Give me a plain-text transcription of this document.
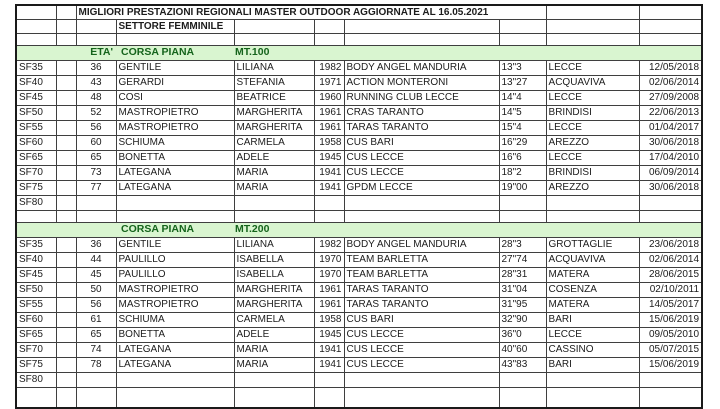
		MIGLIORI PRESTAZIONI REGIONALI MASTER OUTDOOR AGGIORNATE AL 16.05.2021							
			SETTORE FEMMINILE						

ETA' CORSA PIANA MT.100									

SF35		36	GENTILE	LILIANA	1982	BODY ANGEL MANDURIA	13"3	LECCE	12/05/2018
SF40		43	GERARDI	STEFANIA	1971	ACTION MONTERONI	13"27	ACQUAVIVA	02/06/2014
SF45		48	COSI	BEATRICE	1960	RUNNING CLUB LECCE	14"4	LECCE	27/09/2008
SF50		52	MASTROPIETRO	MARGHERITA	1961	CRAS TARANTO	14"5	BRINDISI	22/06/2013
SF55		56	MASTROPIETRO	MARGHERITA	1961	TARAS TARANTO	15"4	LECCE	01/04/2017
SF60		60	SCHIUMA	CARMELA	1958	CUS BARI	16"29	AREZZO	30/06/2018
SF65		65	BONETTA	ADELE	1945	CUS LECCE	16"6	LECCE	17/04/2010
SF70		73	LATEGANA	MARIA	1941	CUS LECCE	18"2	BRINDISI	06/09/2014
SF75		77	LATEGANA	MARIA	1941	GPDM LECCE	19"00	AREZZO	30/06/2018
SF80									

CORSA PIANA MT.200									

SF35		36	GENTILE	LILIANA	1982	BODY ANGEL MANDURIA	28"3	GROTTAGLIE	23/06/2018
SF40		44	PAULILLO	ISABELLA	1970	TEAM BARLETTA	27"74	ACQUAVIVA	02/06/2014
SF45		45	PAULILLO	ISABELLA	1970	TEAM BARLETTA	28"31	MATERA	28/06/2015
SF50		50	MASTROPIETRO	MARGHERITA	1961	TARAS TARANTO	31"04	COSENZA	02/10/2011
SF55		56	MASTROPIETRO	MARGHERITA	1961	TARAS TARANTO	31"95	MATERA	14/05/2017
SF60		61	SCHIUMA	CARMELA	1958	CUS BARI	32"90	BARI	15/06/2019
SF65		65	BONETTA	ADELE	1945	CUS LECCE	36"0	LECCE	09/05/2010
SF70		74	LATEGANA	MARIA	1941	CUS LECCE	40"60	CASSINO	05/07/2015
SF75		78	LATEGANA	MARIA	1941	CUS LECCE	43"83	BARI	15/06/2019
SF80									
